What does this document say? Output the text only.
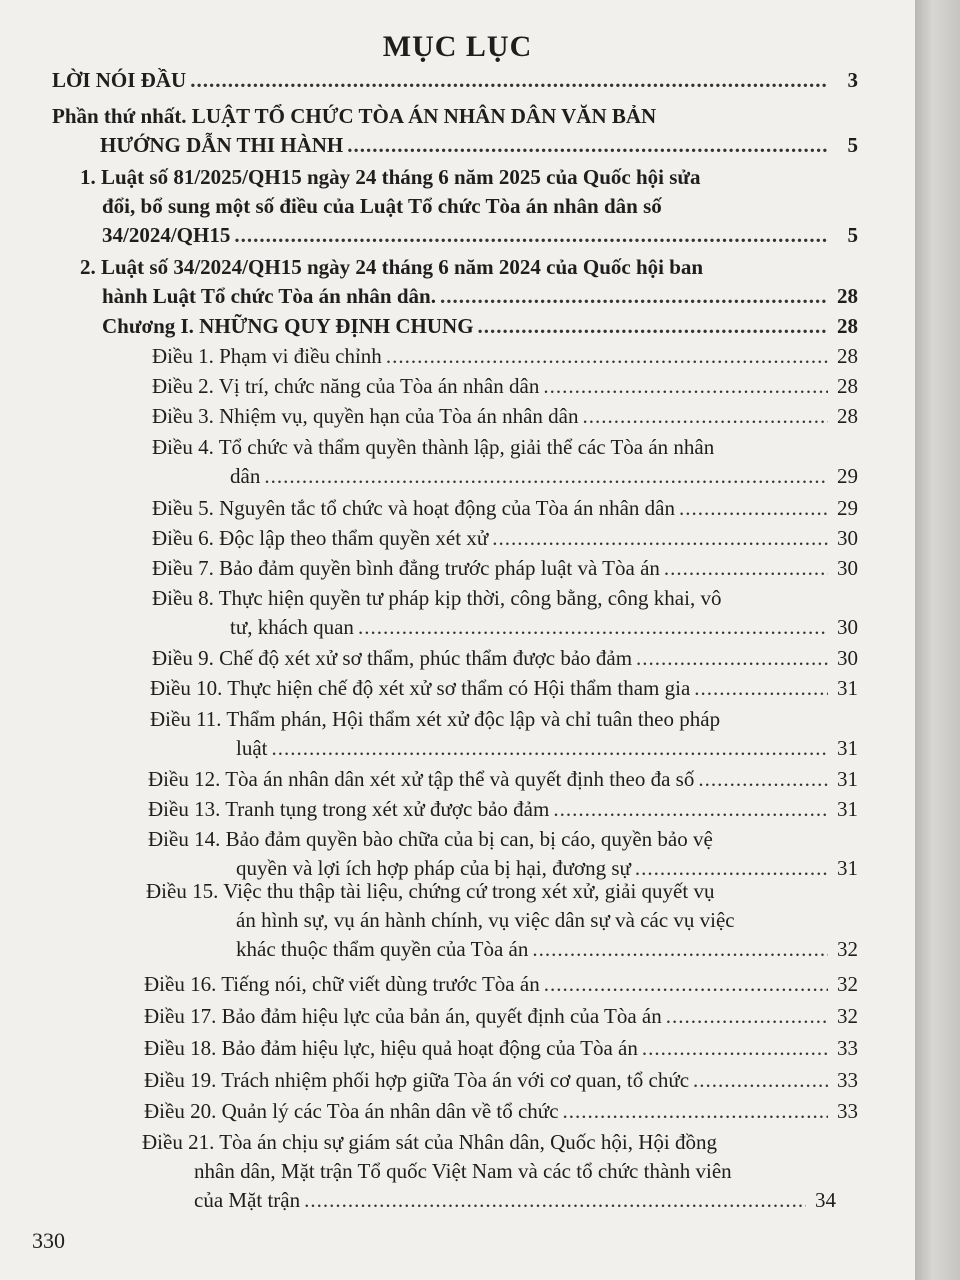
MỤC LỤC
LỜI NÓI ĐẦU .....	3
Phần thứ nhất. LUẬT TỔ CHỨC TÒA ÁN NHÂN DÂN VĂN BẢN
HƯỚNG DẪN THI HÀNH .....	5
1. Luật số 81/2025/QH15 ngày 24 tháng 6 năm 2025 của Quốc hội sửa
đổi, bổ sung một số điều của Luật Tổ chức Tòa án nhân dân số
34/2024/QH15 .....	5
2. Luật số 34/2024/QH15 ngày 24 tháng 6 năm 2024 của Quốc hội ban
hành Luật Tổ chức Tòa án nhân dân. .....	28
Chương I. NHỮNG QUY ĐỊNH CHUNG .....	28
Điều 1. Phạm vi điều chỉnh .....	28
Điều 2. Vị trí, chức năng của Tòa án nhân dân .....	28
Điều 3. Nhiệm vụ, quyền hạn của Tòa án nhân dân .....	28
Điều 4. Tổ chức và thẩm quyền thành lập, giải thể các Tòa án nhân
dân .....	29
Điều 5. Nguyên tắc tổ chức và hoạt động của Tòa án nhân dân .....	29
Điều 6. Độc lập theo thẩm quyền xét xử .....	30
Điều 7. Bảo đảm quyền bình đẳng trước pháp luật và Tòa án .....	30
Điều 8. Thực hiện quyền tư pháp kịp thời, công bằng, công khai, vô
tư, khách quan .....	30
Điều 9. Chế độ xét xử sơ thẩm, phúc thẩm được bảo đảm .....	30
Điều 10. Thực hiện chế độ xét xử sơ thẩm có Hội thẩm tham gia .....	31
Điều 11. Thẩm phán, Hội thẩm xét xử độc lập và chỉ tuân theo pháp
luật .....	31
Điều 12. Tòa án nhân dân xét xử tập thể và quyết định theo đa số .....	31
Điều 13. Tranh tụng trong xét xử được bảo đảm .....	31
Điều 14. Bảo đảm quyền bào chữa của bị can, bị cáo, quyền bảo vệ
quyền và lợi ích hợp pháp của bị hại, đương sự .....	31
Điều 15. Việc thu thập tài liệu, chứng cứ trong xét xử, giải quyết vụ
án hình sự, vụ án hành chính, vụ việc dân sự và các vụ việc
khác thuộc thẩm quyền của Tòa án .....	32
Điều 16. Tiếng nói, chữ viết dùng trước Tòa án .....	32
Điều 17. Bảo đảm hiệu lực của bản án, quyết định của Tòa án .....	32
Điều 18. Bảo đảm hiệu lực, hiệu quả hoạt động của Tòa án .....	33
Điều 19. Trách nhiệm phối hợp giữa Tòa án với cơ quan, tổ chức .....	33
Điều 20. Quản lý các Tòa án nhân dân về tổ chức .....	33
Điều 21. Tòa án chịu sự giám sát của Nhân dân, Quốc hội, Hội đồng
nhân dân, Mặt trận Tổ quốc Việt Nam và các tổ chức thành viên
của Mặt trận .....	34
330
